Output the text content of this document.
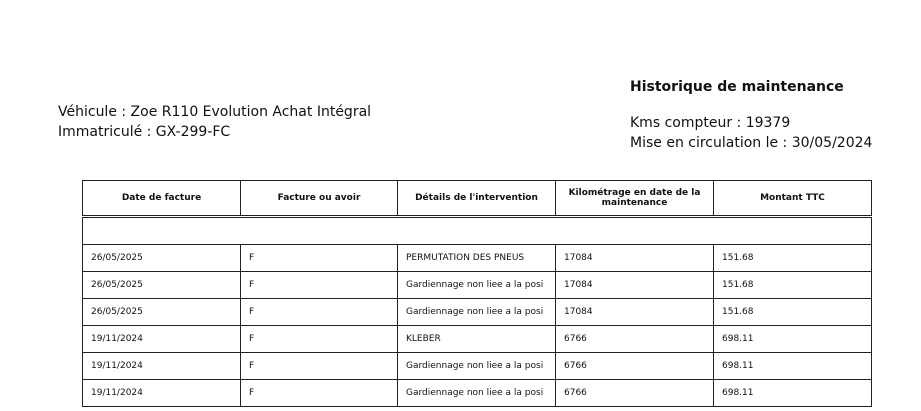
Véhicule : Zoe R110 Evolution Achat Intégral
Immatriculé : GX-299-FC
Historique de maintenance
Kms compteur : 19379
Mise en circulation le : 30/05/2024
Date de facture	Facture ou avoir	Détails de l'intervention	Kilométrage en date de la maintenance	Montant TTC

26/05/2025	F	PERMUTATION DES PNEUS	17084	151.68
26/05/2025	F	Gardiennage non liee a la posi	17084	151.68
26/05/2025	F	Gardiennage non liee a la posi	17084	151.68
19/11/2024	F	KLEBER	6766	698.11
19/11/2024	F	Gardiennage non liee a la posi	6766	698.11
19/11/2024	F	Gardiennage non liee a la posi	6766	698.11
